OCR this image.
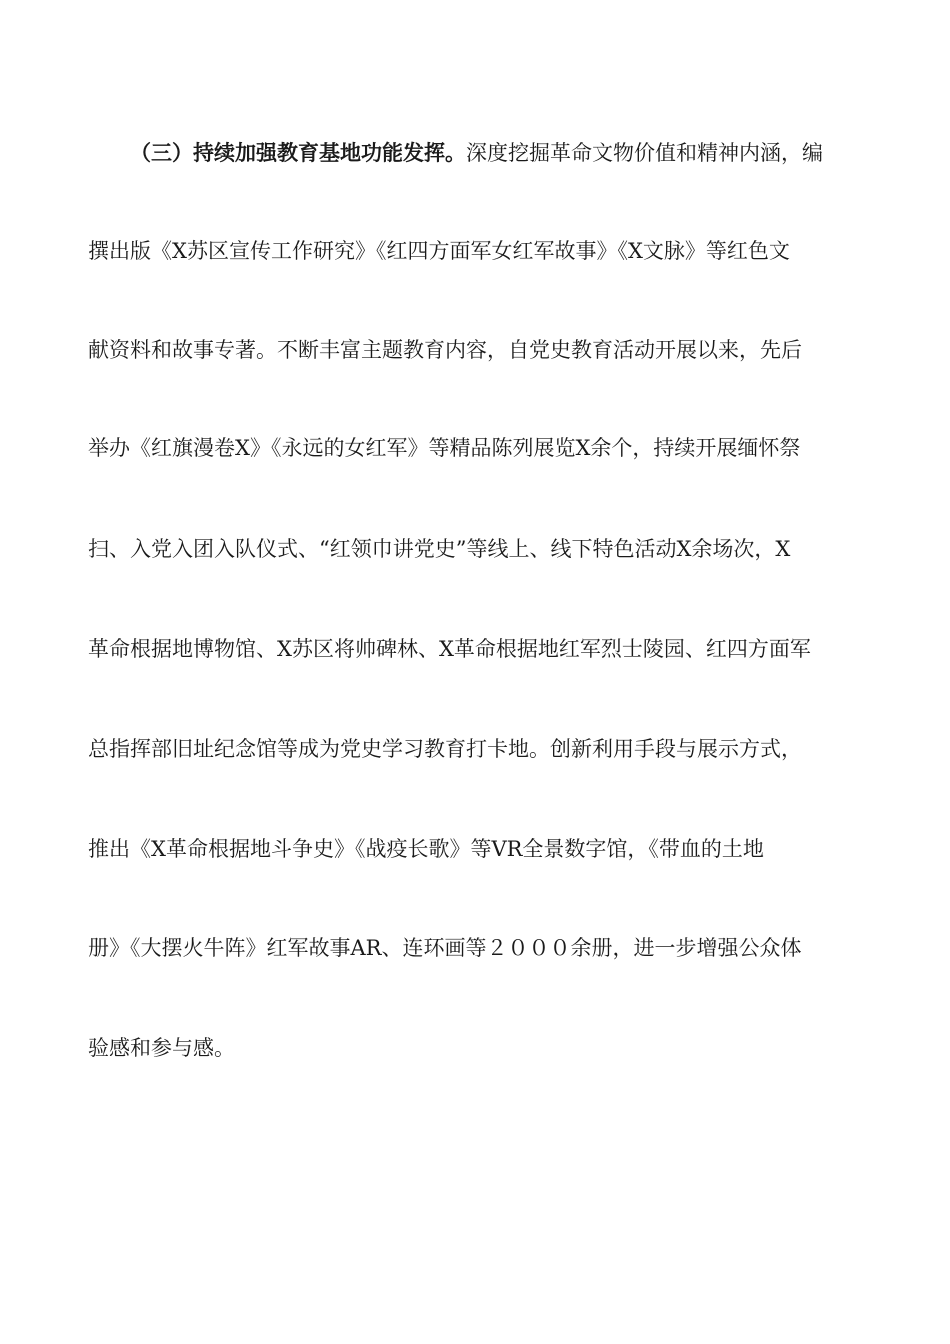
（三）持续加强教育基地功能发挥。深度挖掘革命文物价值和精神内涵，编
撰出版《X苏区宣传工作研究》《红四方面军女红军故事》《X文脉》等红色文
献资料和故事专著。不断丰富主题教育内容，自党史教育活动开展以来，先后
举办《红旗漫卷X》《永远的女红军》等精品陈列展览X余个，持续开展缅怀祭
扫、入党入团入队仪式、“红领巾讲党史”等线上、线下特色活动X余场次，X
革命根据地博物馆、X苏区将帅碑林、X革命根据地红军烈士陵园、红四方面军
总指挥部旧址纪念馆等成为党史学习教育打卡地。创新利用手段与展示方式，
推出《X革命根据地斗争史》《战疫长歌》等VR全景数字馆，《带血的土地
册》《大摆火牛阵》红军故事AR、连环画等２０００余册，进一步增强公众体
验感和参与感。
